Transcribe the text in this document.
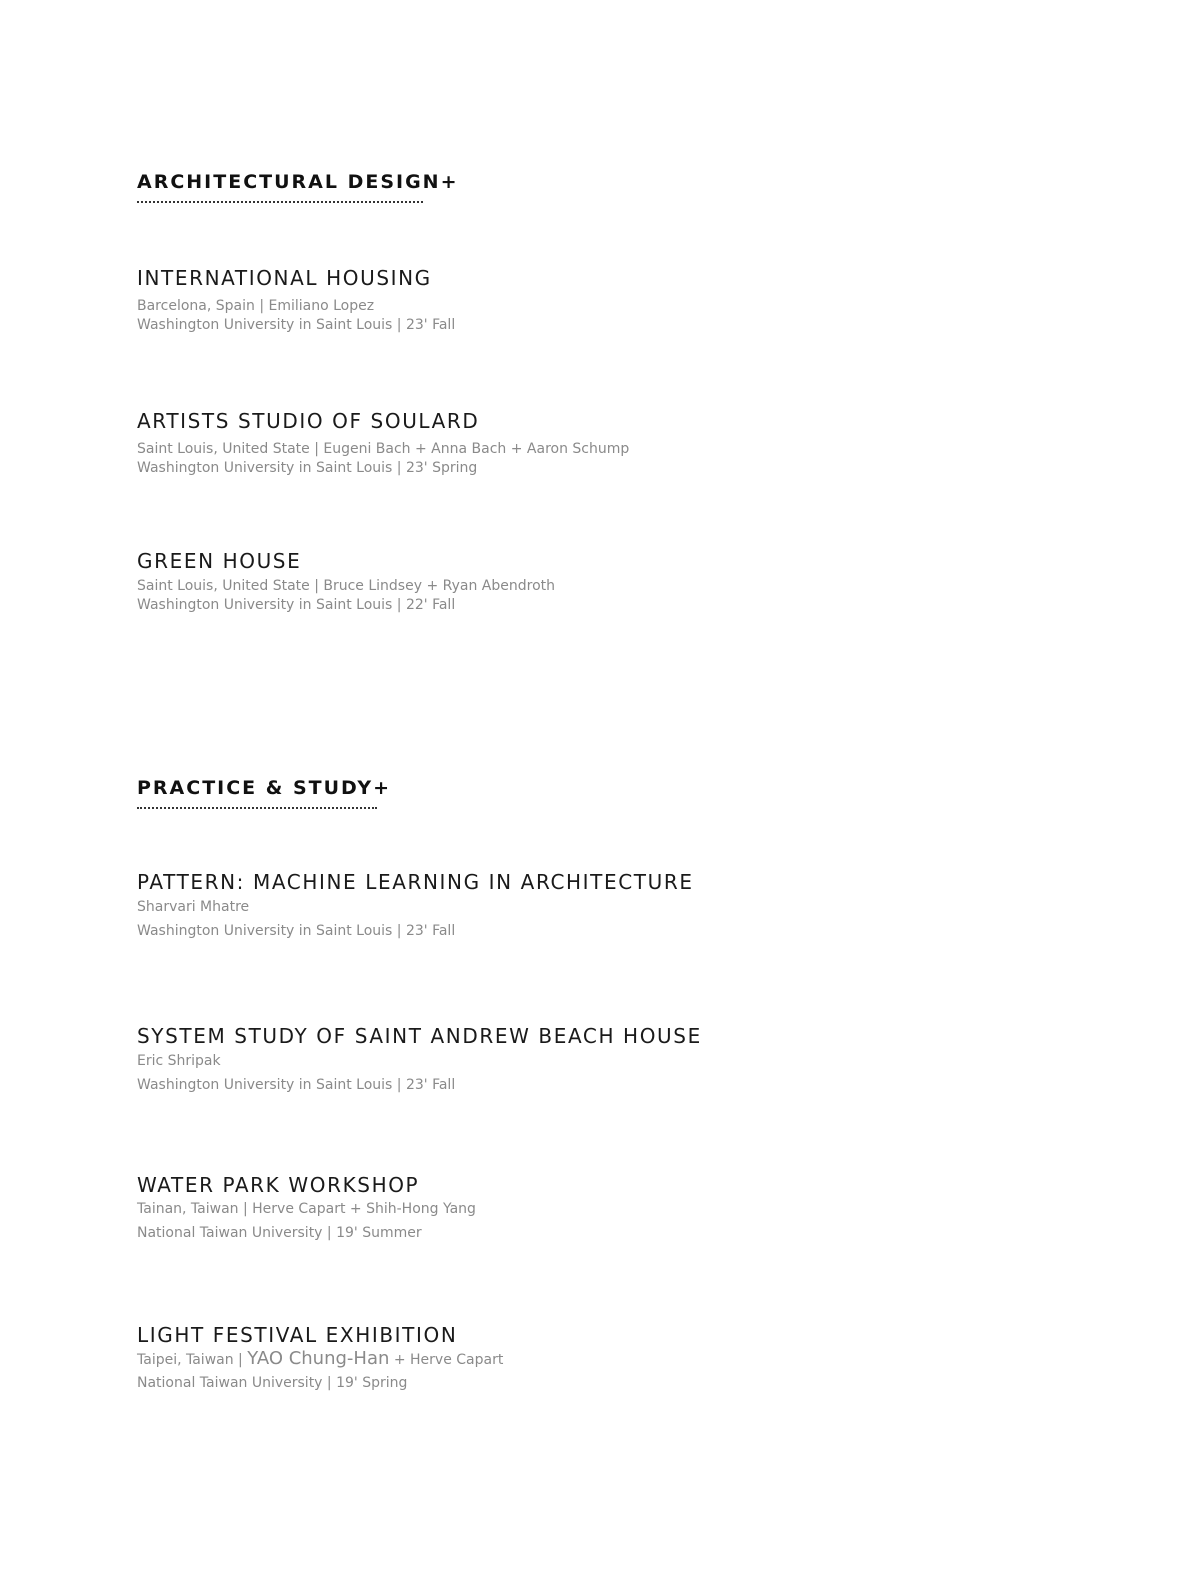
ARCHITECTURAL DESIGN+

INTERNATIONAL HOUSING

Barcelona, Spain | Emiliano Lopez

Washington University in Saint Louis | 23' Fall

ARTISTS STUDIO OF SOULARD

Saint Louis, United State | Eugeni Bach + Anna Bach + Aaron Schump

Washington University in Saint Louis | 23' Spring

GREEN HOUSE

Saint Louis, United State | Bruce Lindsey + Ryan Abendroth

Washington University in Saint Louis | 22' Fall

PRACTICE & STUDY+

PATTERN: MACHINE LEARNING IN ARCHITECTURE

Sharvari Mhatre

Washington University in Saint Louis | 23' Fall

SYSTEM STUDY OF SAINT ANDREW BEACH HOUSE

Eric Shripak

Washington University in Saint Louis | 23' Fall

WATER PARK WORKSHOP

Tainan, Taiwan | Herve Capart + Shih-Hong Yang

National Taiwan University | 19' Summer

LIGHT FESTIVAL EXHIBITION

Taipei, Taiwan | YAO Chung-Han + Herve Capart

National Taiwan University | 19' Spring
